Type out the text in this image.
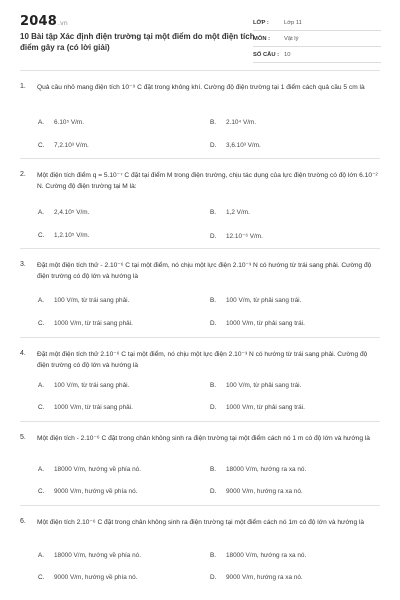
2048.vn
10 Bài tập Xác định điện trường tại một điểm do một điện tích điểm gây ra (có lời giải)
LỚP :	Lớp 11
MÔN :	Vật lý
SỐ CÂU : 10
1. Quả cầu nhỏ mang điện tích 10⁻⁹ C đặt trong không khí. Cường độ điện trường tại 1 điểm cách quả cầu 5 cm là
A. 6.10⁵ V/m.	B. 2.10⁴ V/m.
C. 7,2.10³ V/m.	D. 3,6.10³ V/m.
2. Một điện tích điểm q = 5.10⁻⁷ C đặt tại điểm M trong điện trường, chịu tác dụng của lực điện trường có độ lớn 6.10⁻² N. Cường độ điện trường tại M là:
A. 2,4.10⁵ V/m.	B. 1,2 V/m.
C. 1,2.10⁵ V/m.	D. 12.10⁻⁶ V/m.
3. Đặt một điện tích thử - 2.10⁻⁶ C tại một điểm, nó chịu một lực điện 2.10⁻³ N có hướng từ trái sang phải. Cường độ điện trường có độ lớn và hướng là
A. 100 V/m, từ trái sang phải.	B. 100 V/m, từ phải sang trái.
C. 1000 V/m, từ trái sang phải.	D. 1000 V/m, từ phải sang trái.
4. Đặt một điện tích thử 2.10⁻⁶ C tại một điểm, nó chịu một lực điện 2.10⁻³ N có hướng từ trái sang phải. Cường độ điện trường có độ lớn và hướng là
A. 100 V/m, từ trái sang phải.	B. 100 V/m, từ phải sang trái.
C. 1000 V/m, từ trái sang phải.	D. 1000 V/m, từ phải sang trái.
5. Một điện tích - 2.10⁻⁶ C đặt trong chân không sinh ra điện trường tại một điểm cách nó 1 m có độ lớn và hướng là
A. 18000 V/m, hướng về phía nó.	B. 18000 V/m, hướng ra xa nó.
C. 9000 V/m, hướng về phía nó.	D. 9000 V/m, hướng ra xa nó.
6. Một điện tích 2.10⁻⁶ C đặt trong chân không sinh ra điện trường tại một điểm cách nó 1m có độ lớn và hướng là
A. 18000 V/m, hướng về phía nó.	B. 18000 V/m, hướng ra xa nó.
C. 9000 V/m, hướng về phía nó.	D. 9000 V/m, hướng ra xa nó.
